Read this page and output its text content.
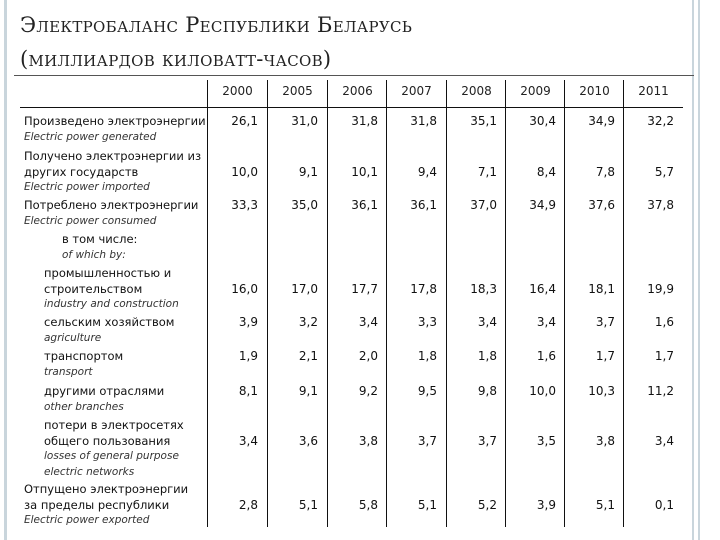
Электробаланс Республики Беларусь
(миллиардов киловатт-часов)
2000	2005	2006	2007	2008	2009	2010	2011
Произведено электроэнергии
Electric power generated
26,1	31,0	31,8	31,8	35,1	30,4	34,9	32,2
Получено электроэнергии из
других государств
Electric power imported
10,0	9,1	10,1	9,4	7,1	8,4	7,8	5,7
Потреблено электроэнергии
Electric power consumed
33,3	35,0	36,1	36,1	37,0	34,9	37,6	37,8
в том числе:
of which by:
промышленностью и
строительством
industry and construction
16,0	17,0	17,7	17,8	18,3	16,4	18,1	19,9
сельским хозяйством
agriculture
3,9	3,2	3,4	3,3	3,4	3,4	3,7	1,6
транспортом
transport
1,9	2,1	2,0	1,8	1,8	1,6	1,7	1,7
другими отраслями
other branches
8,1	9,1	9,2	9,5	9,8	10,0	10,3	11,2
потери в электросетях
общего пользования
losses of general purpose
electric networks
3,4	3,6	3,8	3,7	3,7	3,5	3,8	3,4
Отпущено электроэнергии
за пределы республики
Electric power exported
2,8	5,1	5,8	5,1	5,2	3,9	5,1	0,1
